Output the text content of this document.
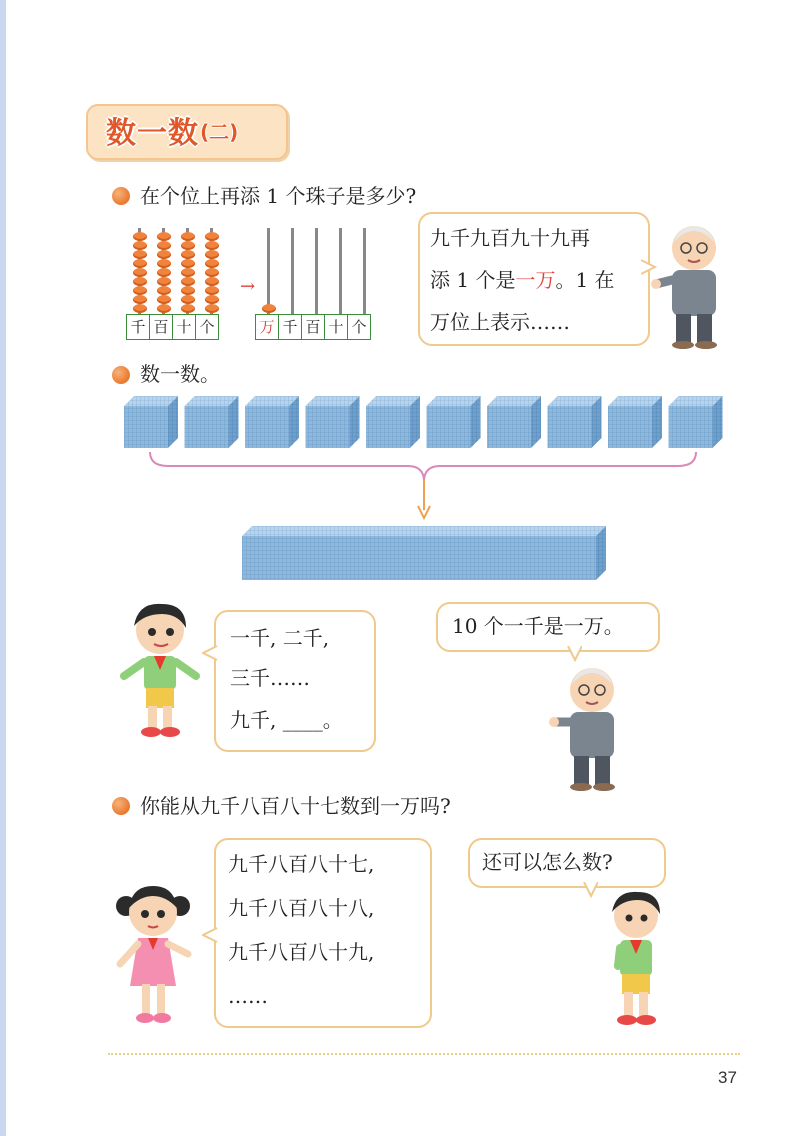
数一数 (二)
在个位上再添 1 个珠子是多少?
千 百 十 个
→
万 千 百 十 个
九千九百九十九再
添 1 个是一万。1 在
万位上表示……
数一数。
一千, 二千,
三千……
九千, ____。
10 个一千是一万。
你能从九千八百八十七数到一万吗?
九千八百八十七,
九千八百八十八,
九千八百八十九,
……
还可以怎么数?
37
